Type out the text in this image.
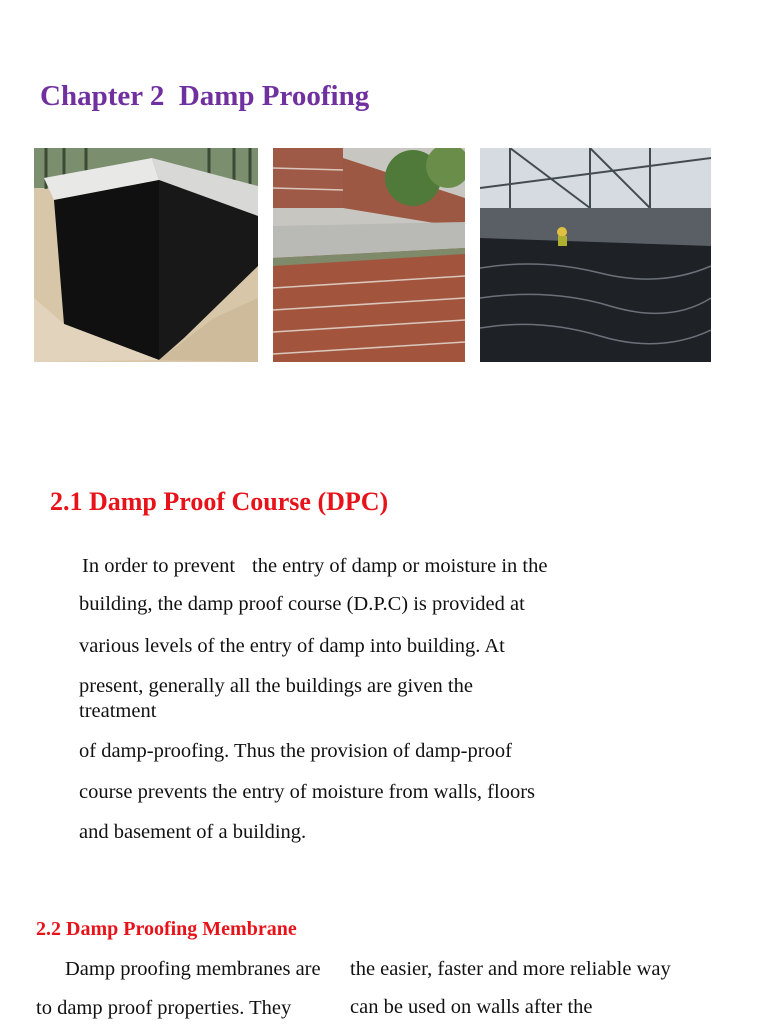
Chapter 2  Damp Proofing
2.1 Damp Proof Course (DPC)
In order to prevent the entry of damp or moisture in the
building, the damp proof course (D.P.C) is provided at
various levels of the entry of damp into building. At
present, generally all the buildings are given the
treatment
of damp-proofing. Thus the provision of damp-proof
course prevents the entry of moisture from walls, floors
and basement of a building.
2.2 Damp Proofing Membrane
Damp proofing membranes are the easier, faster and more reliable way
to damp proof properties. They	can be used on walls after the
